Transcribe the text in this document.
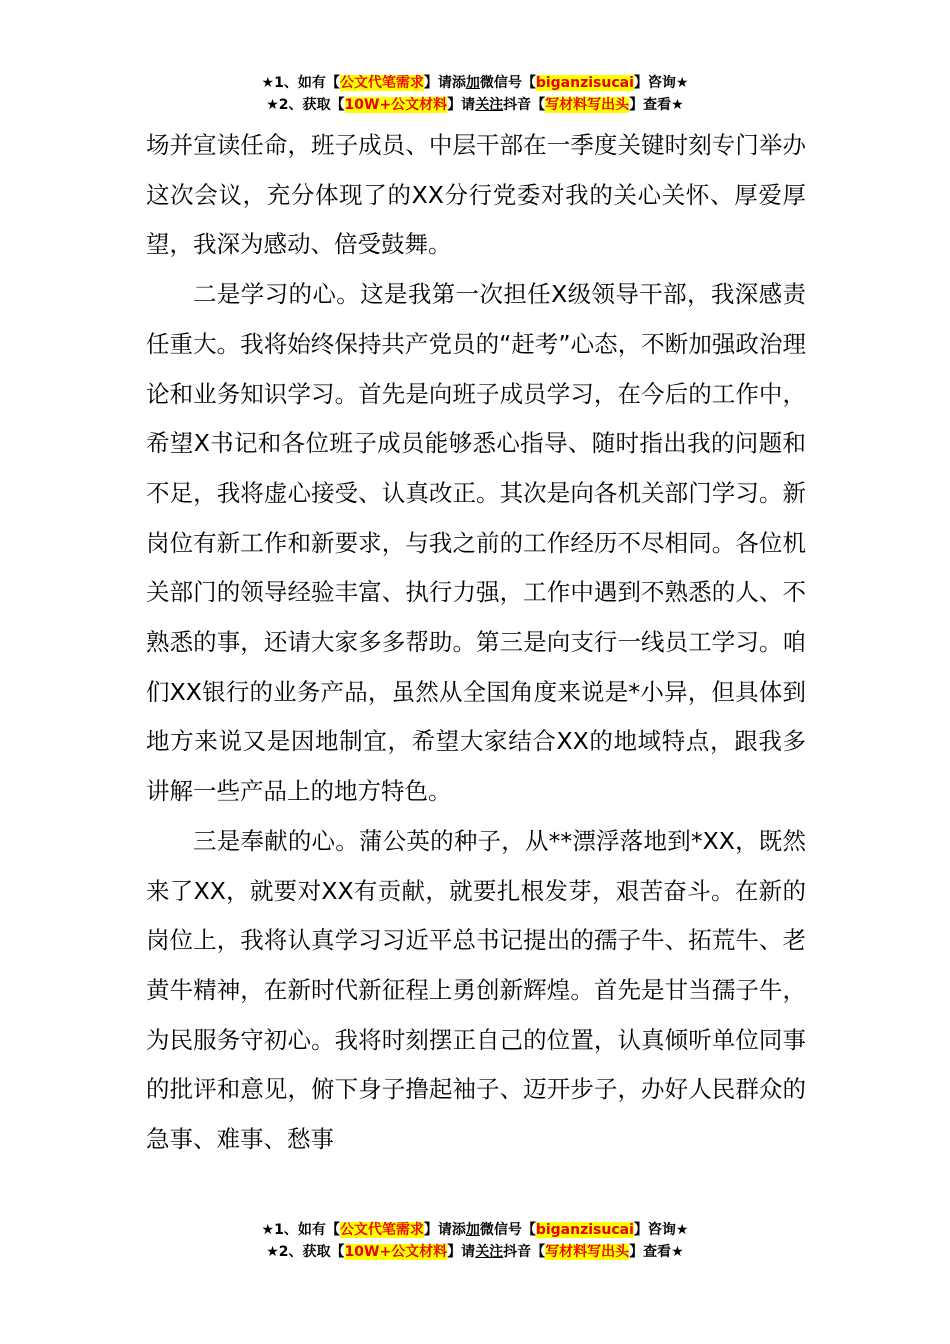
★1、如有【公文代笔需求】请添加微信号【biganzisucai】咨询★
★2、获取【10W+公文材料】请关注抖音【写材料写出头】查看★

场并宣读任命，班子成员、中层干部在一季度关键时刻专门举办这次会议，充分体现了的XX分行党委对我的关心关怀、厚爱厚望，我深为感动、倍受鼓舞。

二是学习的心。这是我第一次担任X级领导干部，我深感责任重大。我将始终保持共产党员的“赶考”心态，不断加强政治理论和业务知识学习。首先是向班子成员学习，在今后的工作中，希望X书记和各位班子成员能够悉心指导、随时指出我的问题和不足，我将虚心接受、认真改正。其次是向各机关部门学习。新岗位有新工作和新要求，与我之前的工作经历不尽相同。各位机关部门的领导经验丰富、执行力强，工作中遇到不熟悉的人、不熟悉的事，还请大家多多帮助。第三是向支行一线员工学习。咱们XX银行的业务产品，虽然从全国角度来说是*小异，但具体到地方来说又是因地制宜，希望大家结合XX的地域特点，跟我多讲解一些产品上的地方特色。

三是奉献的心。蒲公英的种子，从**漂浮落地到*XX，既然来了XX，就要对XX有贡献，就要扎根发芽，艰苦奋斗。在新的岗位上，我将认真学习习近平总书记提出的孺子牛、拓荒牛、老黄牛精神，在新时代新征程上勇创新辉煌。首先是甘当孺子牛，为民服务守初心。我将时刻摆正自己的位置，认真倾听单位同事的批评和意见，俯下身子撸起袖子、迈开步子，办好人民群众的急事、难事、愁事

★1、如有【公文代笔需求】请添加微信号【biganzisucai】咨询★
★2、获取【10W+公文材料】请关注抖音【写材料写出头】查看★
